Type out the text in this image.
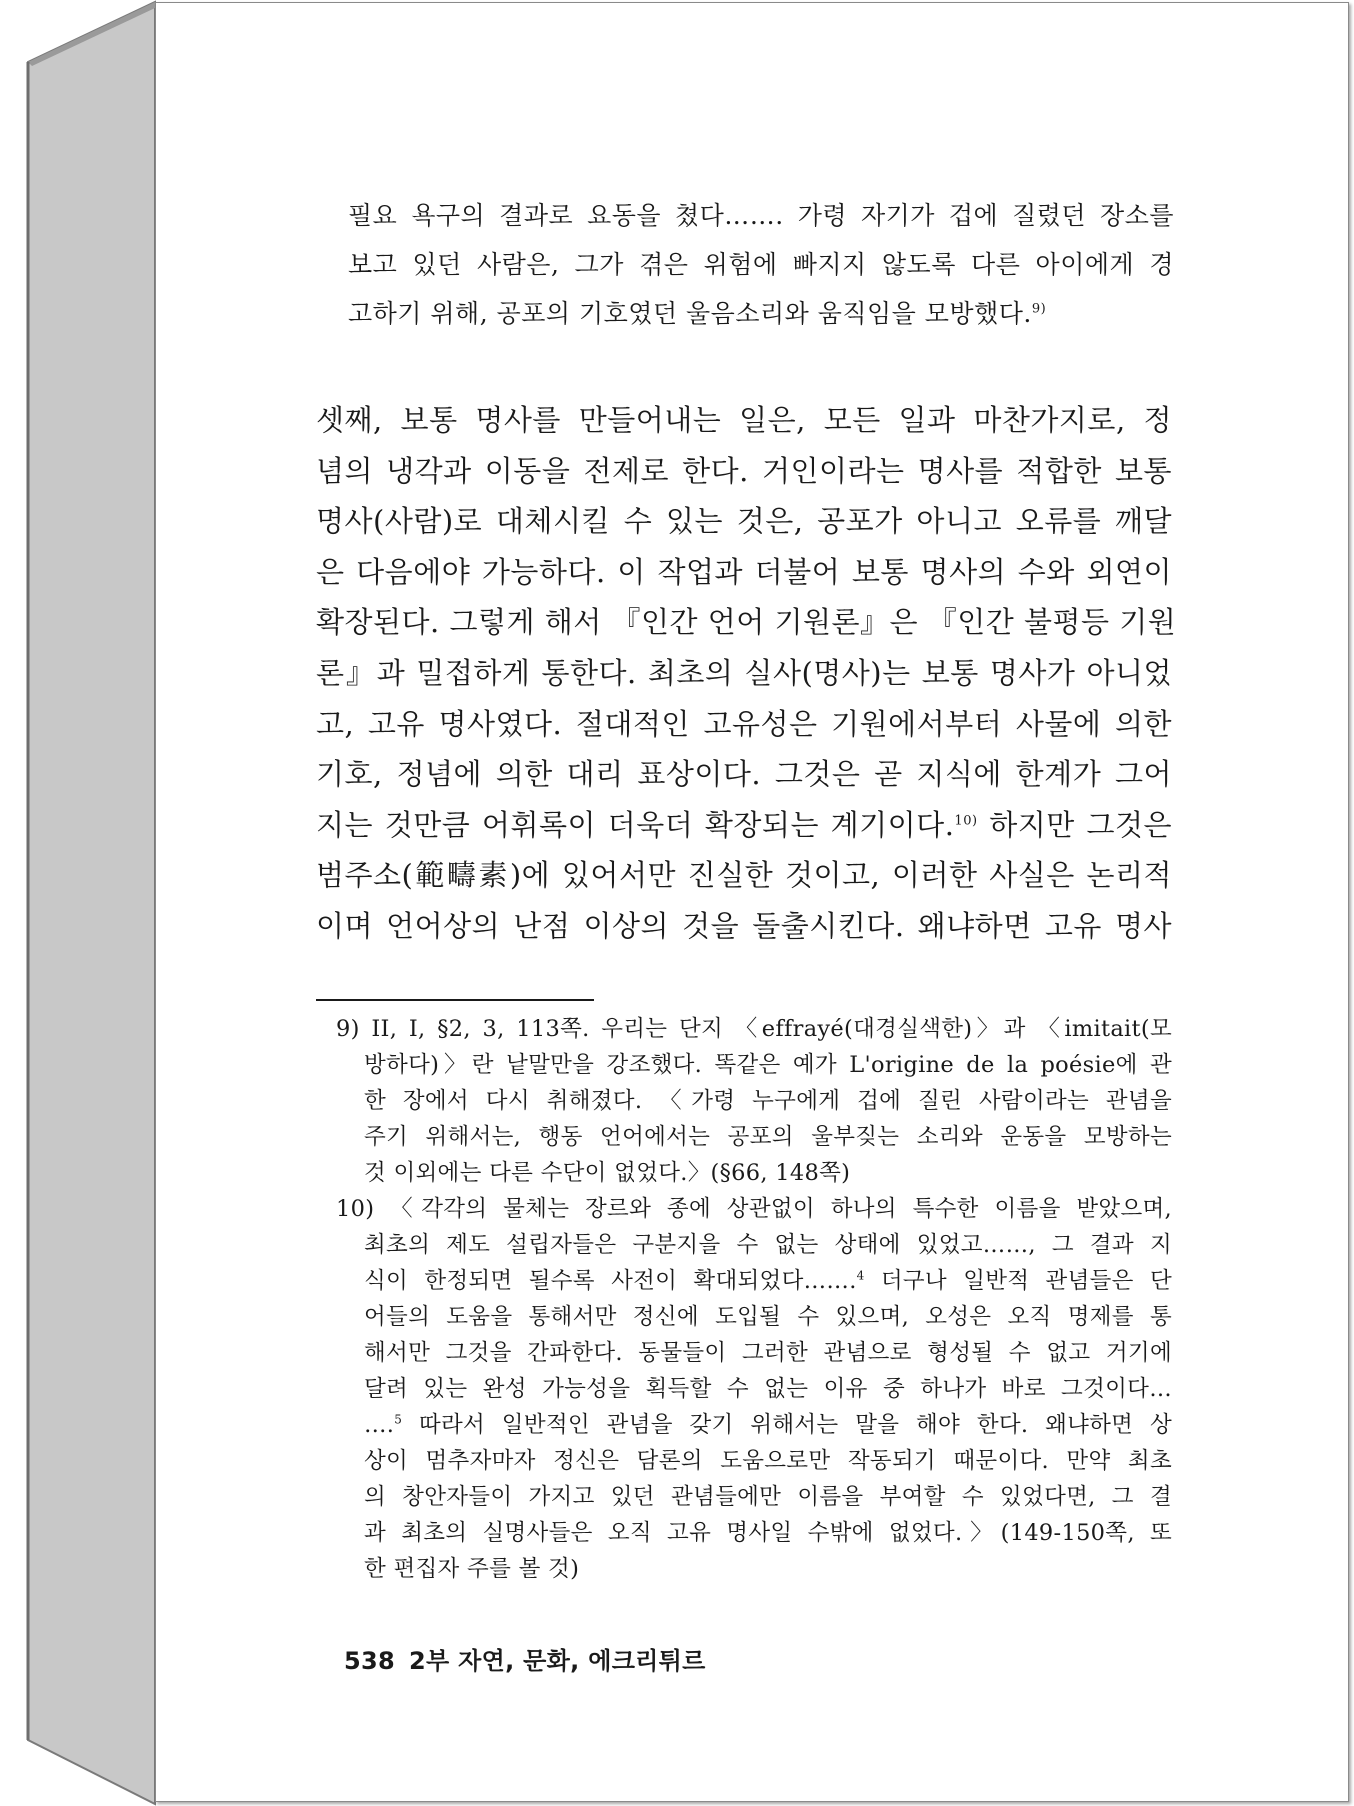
필요 욕구의 결과로 요동을 쳤다……. 가령 자기가 겁에 질렸던 장소를
보고 있던 사람은, 그가 겪은 위험에 빠지지 않도록 다른 아이에게 경
고하기 위해, 공포의 기호였던 울음소리와 움직임을 모방했다.$^{9)}$
셋째, 보통 명사를 만들어내는 일은, 모든 일과 마찬가지로, 정
념의 냉각과 이동을 전제로 한다. 거인이라는 명사를 적합한 보통
명사(사람)로 대체시킬 수 있는 것은, 공포가 아니고 오류를 깨달
은 다음에야 가능하다. 이 작업과 더불어 보통 명사의 수와 외연이
확장된다. 그렇게 해서 『인간 언어 기원론』은 『인간 불평등 기원
론』과 밀접하게 통한다. 최초의 실사(명사)는 보통 명사가 아니었
고, 고유 명사였다. 절대적인 고유성은 기원에서부터 사물에 의한
기호, 정념에 의한 대리 표상이다. 그것은 곧 지식에 한계가 그어
지는 것만큼 어휘록이 더욱더 확장되는 계기이다.$^{10)}$ 하지만 그것은
범주소(範疇素)에 있어서만 진실한 것이고, 이러한 사실은 논리적
이며 언어상의 난점 이상의 것을 돌출시킨다. 왜냐하면 고유 명사
9) II, I, §2, 3, 113쪽. 우리는 단지 〈effrayé(대경실색한)〉과 〈imitait(모
방하다)〉란 낱말만을 강조했다. 똑같은 예가 L'origine de la poésie에 관
한 장에서 다시 취해졌다. 〈가령 누구에게 겁에 질린 사람이라는 관념을
주기 위해서는, 행동 언어에서는 공포의 울부짖는 소리와 운동을 모방하는
것 이외에는 다른 수단이 없었다.〉(§66, 148쪽)
10) 〈각각의 물체는 장르와 종에 상관없이 하나의 특수한 이름을 받았으며,
최초의 제도 설립자들은 구분지을 수 없는 상태에 있었고……, 그 결과 지
식이 한정되면 될수록 사전이 확대되었다…….$^4$ 더구나 일반적 관념들은 단
어들의 도움을 통해서만 정신에 도입될 수 있으며, 오성은 오직 명제를 통
해서만 그것을 간파한다. 동물들이 그러한 관념으로 형성될 수 없고 거기에
달려 있는 완성 가능성을 획득할 수 없는 이유 중 하나가 바로 그것이다…
….$^5$ 따라서 일반적인 관념을 갖기 위해서는 말을 해야 한다. 왜냐하면 상
상이 멈추자마자 정신은 담론의 도움으로만 작동되기 때문이다. 만약 최초
의 창안자들이 가지고 있던 관념들에만 이름을 부여할 수 있었다면, 그 결
과 최초의 실명사들은 오직 고유 명사일 수밖에 없었다.〉(149-150쪽, 또
한 편집자 주를 볼 것)
538 2부 자연, 문화, 에크리튀르
